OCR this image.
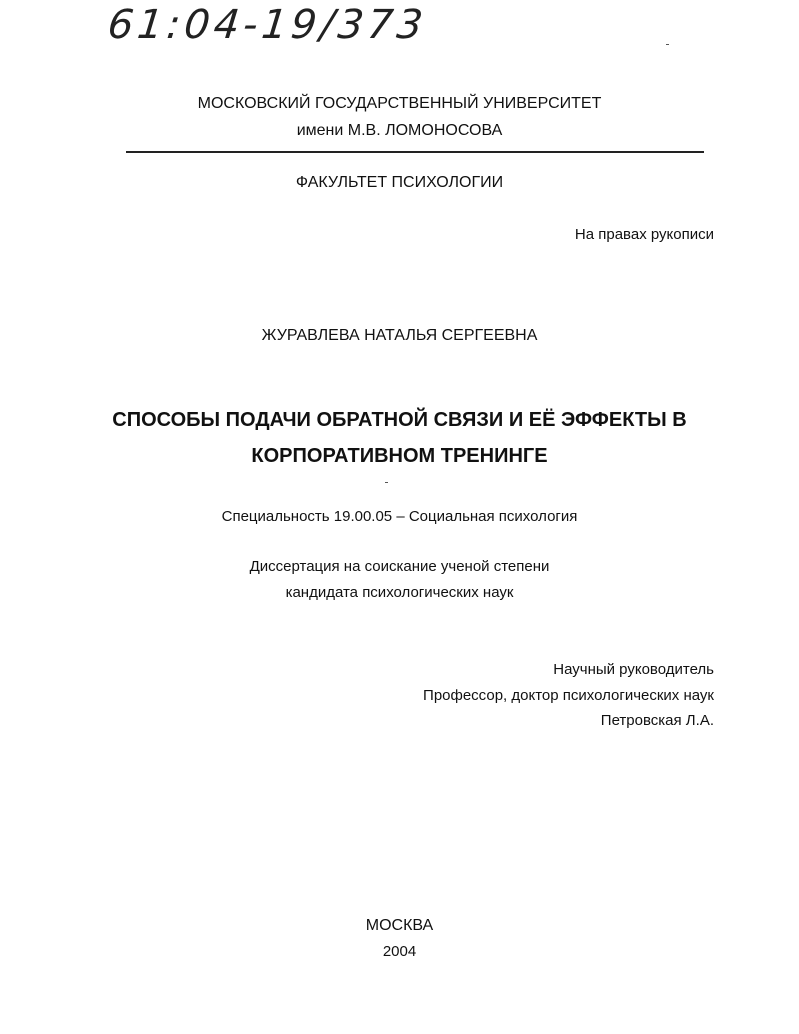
61:04-19/373
МОСКОВСКИЙ ГОСУДАРСТВЕННЫЙ УНИВЕРСИТЕТ
имени М.В. ЛОМОНОСОВА
ФАКУЛЬТЕТ ПСИХОЛОГИИ
На правах рукописи
ЖУРАВЛЕВА НАТАЛЬЯ СЕРГЕЕВНА
СПОСОБЫ ПОДАЧИ ОБРАТНОЙ СВЯЗИ И ЕЁ ЭФФЕКТЫ В
КОРПОРАТИВНОМ ТРЕНИНГЕ
Специальность 19.00.05 – Социальная психология
Диссертация на соискание ученой степени
кандидата психологических наук
Научный руководитель
Профессор, доктор психологических наук
Петровская Л.А.
МОСКВА
2004
